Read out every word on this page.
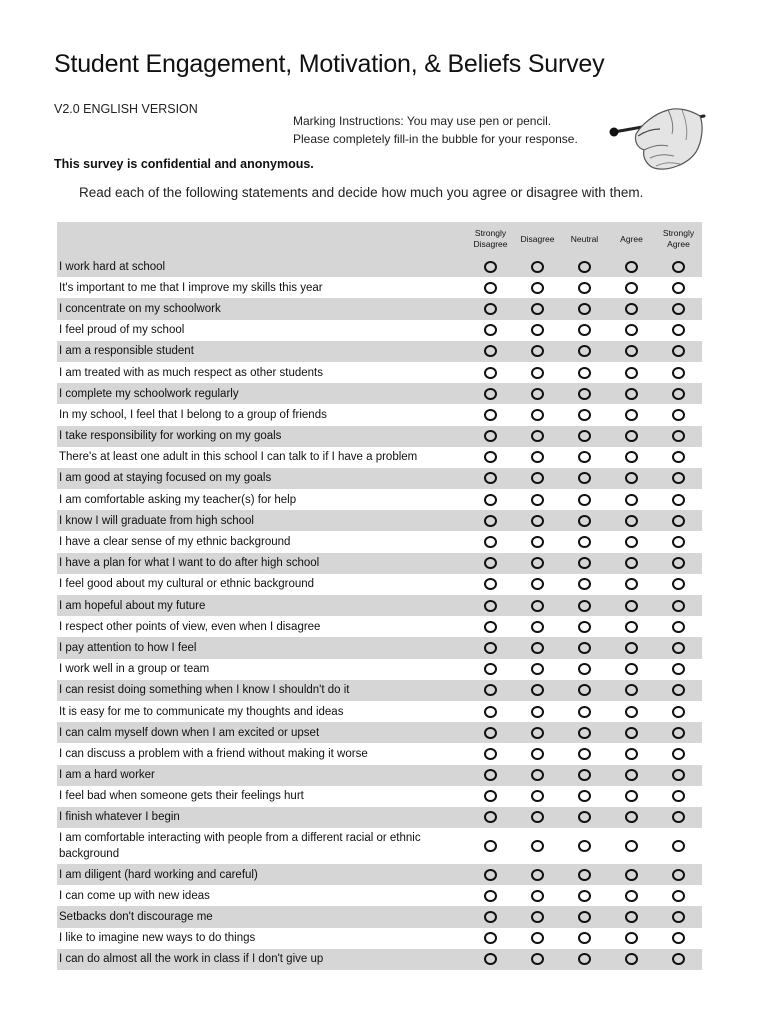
Student Engagement, Motivation, & Beliefs Survey
V2.0 ENGLISH VERSION
Marking Instructions: You may use pen or pencil.
Please completely fill-in the bubble for your response.
This survey is confidential and anonymous.
Read each of the following statements and decide how much you agree or disagree with them.
Strongly
Disagree
Disagree	Neutral	Agree
Strongly
Agree
I work hard at school
It's important to me that I improve my skills this year
I concentrate on my schoolwork
I feel proud of my school
I am a responsible student
I am treated with as much respect as other students
I complete my schoolwork regularly
In my school, I feel that I belong to a group of friends
I take responsibility for working on my goals
There's at least one adult in this school I can talk to if I have a problem
I am good at staying focused on my goals
I am comfortable asking my teacher(s) for help
I know I will graduate from high school
I have a clear sense of my ethnic background
I have a plan for what I want to do after high school
I feel good about my cultural or ethnic background
I am hopeful about my future
I respect other points of view, even when I disagree
I pay attention to how I feel
I work well in a group or team
I can resist doing something when I know I shouldn't do it
It is easy for me to communicate my thoughts and ideas
I can calm myself down when I am excited or upset
I can discuss a problem with a friend without making it worse
I am a hard worker
I feel bad when someone gets their feelings hurt
I finish whatever I begin
I am comfortable interacting with people from a different racial or ethnic background
I am diligent (hard working and careful)
I can come up with new ideas
Setbacks don't discourage me
I like to imagine new ways to do things
I can do almost all the work in class if I don't give up
